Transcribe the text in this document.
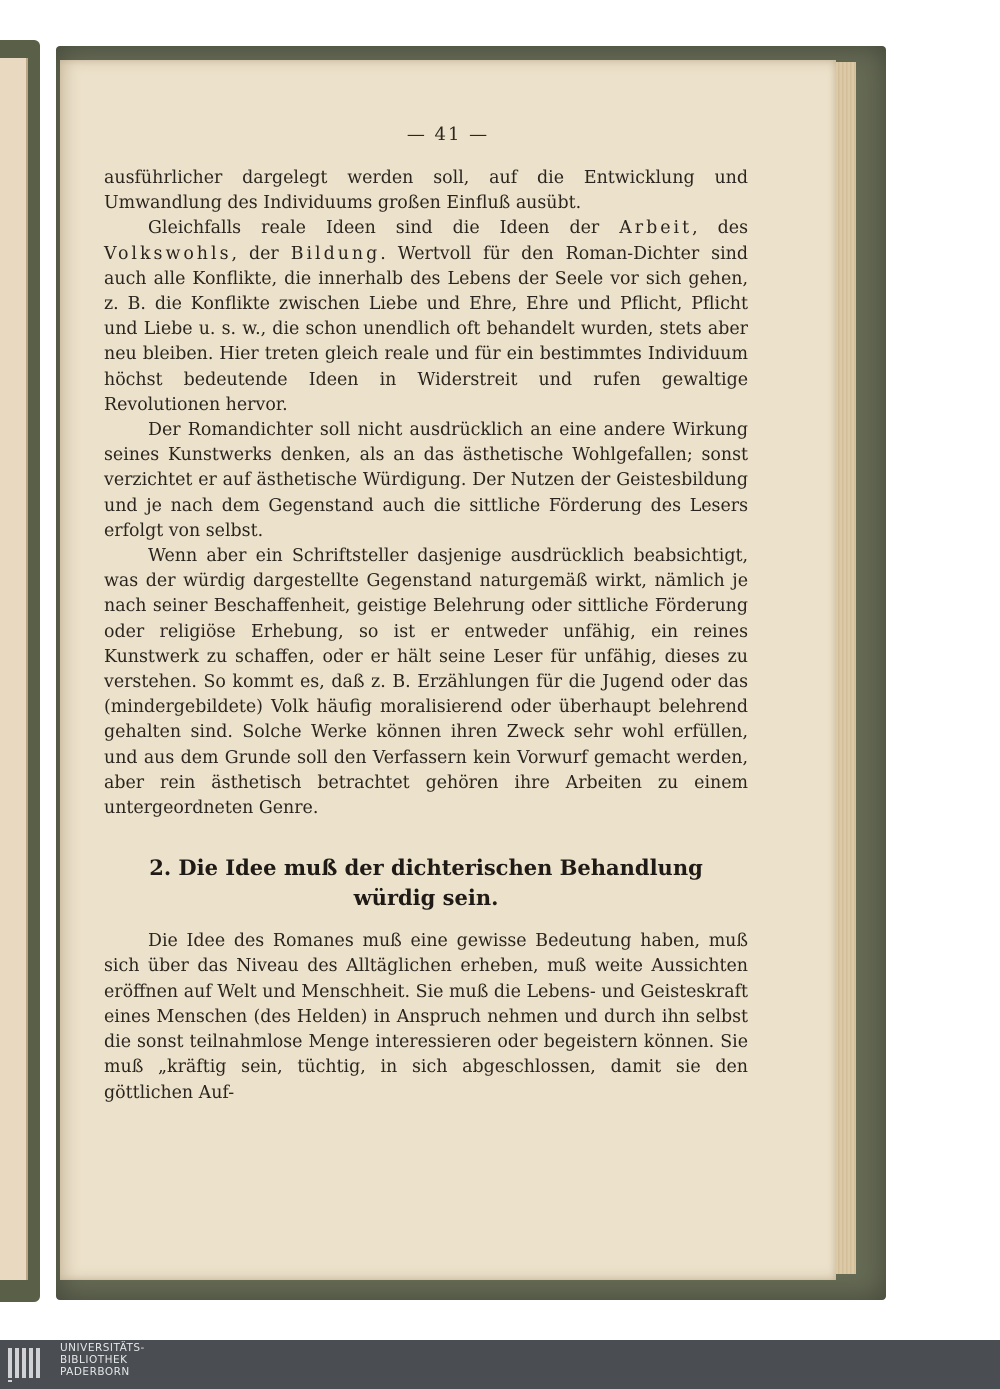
— 41 —

ausführlicher dargelegt werden soll, auf die Entwicklung und Umwandlung des Individuums großen Einfluß ausübt.

Gleichfalls reale Ideen sind die Ideen der Arbeit, des Volkswohls, der Bildung. Wertvoll für den Roman-Dichter sind auch alle Konflikte, die innerhalb des Lebens der Seele vor sich gehen, z. B. die Konflikte zwischen Liebe und Ehre, Ehre und Pflicht, Pflicht und Liebe u. s. w., die schon unendlich oft behandelt wurden, stets aber neu bleiben. Hier treten gleich reale und für ein bestimmtes Individuum höchst bedeutende Ideen in Widerstreit und rufen gewaltige Revolutionen hervor.

Der Romandichter soll nicht ausdrücklich an eine andere Wirkung seines Kunstwerks denken, als an das ästhetische Wohlgefallen; sonst verzichtet er auf ästhetische Würdigung. Der Nutzen der Geistesbildung und je nach dem Gegenstand auch die sittliche Förderung des Lesers erfolgt von selbst.

Wenn aber ein Schriftsteller dasjenige ausdrücklich beabsichtigt, was der würdig dargestellte Gegenstand naturgemäß wirkt, nämlich je nach seiner Beschaffenheit, geistige Belehrung oder sittliche Förderung oder religiöse Erhebung, so ist er entweder unfähig, ein reines Kunstwerk zu schaffen, oder er hält seine Leser für unfähig, dieses zu verstehen. So kommt es, daß z. B. Erzählungen für die Jugend oder das (mindergebildete) Volk häufig moralisierend oder überhaupt belehrend gehalten sind. Solche Werke können ihren Zweck sehr wohl erfüllen, und aus dem Grunde soll den Verfassern kein Vorwurf gemacht werden, aber rein ästhetisch betrachtet gehören ihre Arbeiten zu einem untergeordneten Genre.

2. Die Idee muß der dichterischen Behandlung
würdig sein.

Die Idee des Romanes muß eine gewisse Bedeutung haben, muß sich über das Niveau des Alltäglichen erheben, muß weite Aussichten eröffnen auf Welt und Menschheit. Sie muß die Lebens- und Geisteskraft eines Menschen (des Helden) in Anspruch nehmen und durch ihn selbst die sonst teilnahmlose Menge interessieren oder begeistern können. Sie muß „kräftig sein, tüchtig, in sich abgeschlossen, damit sie den göttlichen Auf-

UNIVERSITÄTS-
BIBLIOTHEK
PADERBORN
